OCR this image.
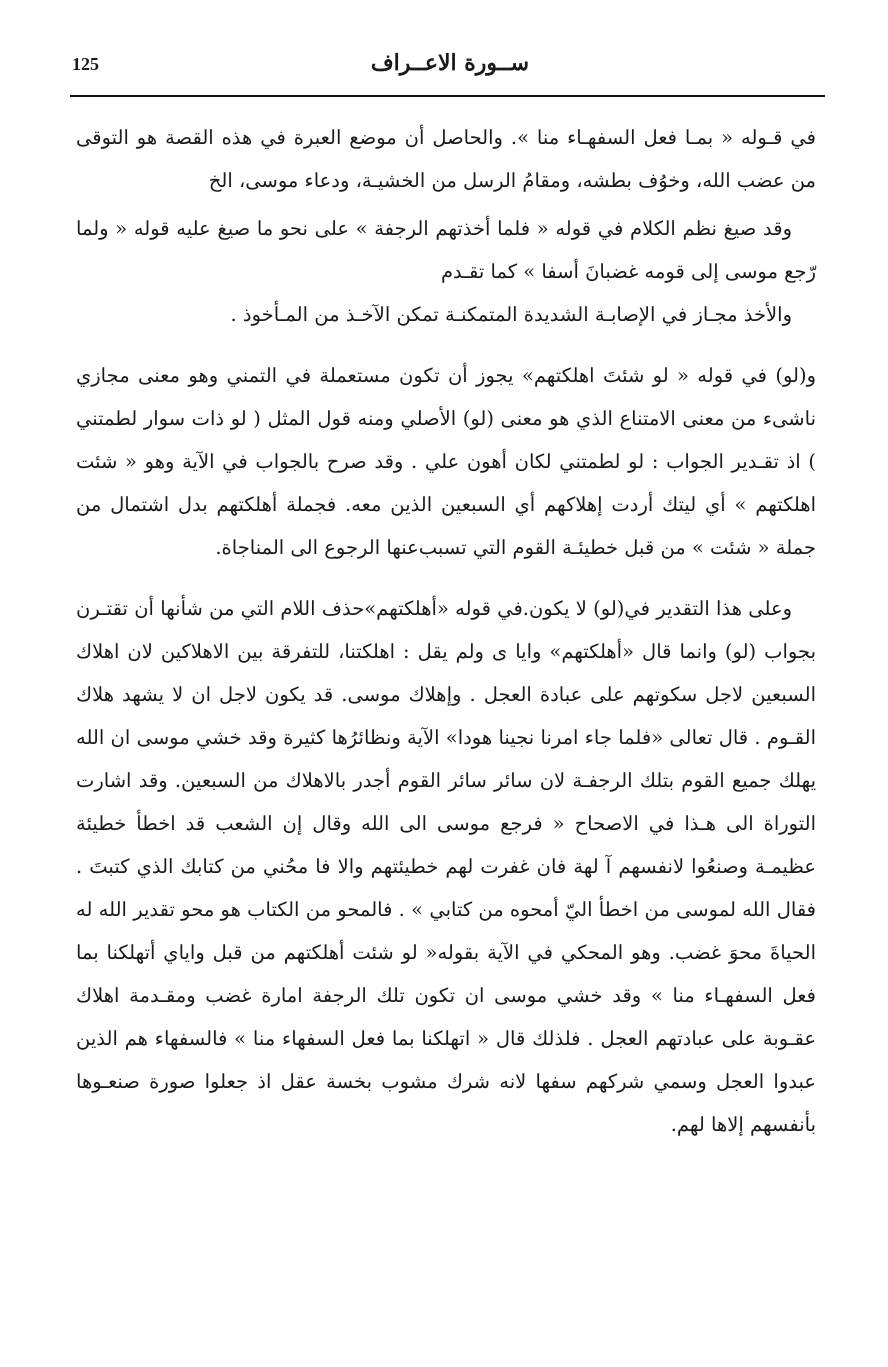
125	ســورة الاعــراف

في قـوله « بمـا فعل السفهـاء منا ». والحاصل أن موضع العبرة في هذه القصة هو التوقى من عضب الله، وخوُف بطشه، ومقامُ الرسل من الخشيـة، ودعاء موسى، الخ

وقد صيغ نظم الكلام في قوله « فلما أخذتهم الرجفة » على نحو ما صيغ عليه قوله « ولما رّجع موسى إلى قومه غضبانَ أسفا » كما تقـدم

والأخذ مجـاز في الإصابـة الشديدة المتمكنـة تمكن الآخـذ من المـأخوذ .

و(لو) في قوله « لو شئتَ اهلكتهم» يجوز أن تكون مستعملة في التمني وهو معنى مجازي ناشىء من معنى الامتناع الذي هو معنى (لو) الأصلي ومنه قول المثل ( لو ذات سوار لطمتني ) اذ تقـدير الجواب : لو لطمتني لكان أهون علي . وقد صرح بالجواب في الآية وهو « شئت اهلكتهم » أي ليتك أردت إهلاكهم أي السبعين الذين معه. فجملة أهلكتهم بدل اشتمال من جملة « شئت » من قبل خطيئـة القوم التي تسبب‌عنها الرجوع الى المناجاة.

وعلى هذا التقدير في(لو) لا يكون.في قوله «أهلكتهم»حذف اللام التي من شأنها أن تقتـرن بجواب (لو) وانما قال «أهلكتهم» وايا ى ولم يقل : اهلكتنا، للتفرقة بين الاهلاكين لان اهلاك السبعين لاجل سكوتهم على عبادة العجل . وإهلاك موسى. قد يكون لاجل ان لا يشهد هلاك القـوم . قال تعالى «فلما جاء امرنا نجينا هودا» الآية ونظائرُها كثيرة وقد خشي موسى ان الله يهلك جميع القوم بتلك الرجفـة لان سائر سائر القوم أجدر بالاهلاك من السبعين. وقد اشارت التوراة الى هـذا في الاصحاح « فرجع موسى الى الله وقال إن الشعب قد اخطأ خطيئة عظيمـة وصنعُوا لانفسهم آ لهة فان غفرت لهم خطيئتهم والا فا محُني من كتابك الذي كتبتَ . فقال الله لموسى من اخطأ اليّ أمحوه من كتابي » . فالمحو من الكتاب هو محو تقدير الله له الحياةَ محوَ غضب. وهو المحكي في الآية بقوله« لو شئت أهلكتهم من قبل واياي أتهلكنا بما فعل السفهـاء منا » وقد خشي موسى ان تكون تلك الرجفة امارة غضب ومقـدمة اهلاك عقـوبة على عبادتهم العجل . فلذلك قال « اتهلكنا بما فعل السفهاء منا » فالسفهاء هم الذين عبدوا العجل وسمي شركهم سفها لانه شرك مشوب بخسة عقل اذ جعلوا صورة صنعـوها بأنفسهم إلاها لهم.
